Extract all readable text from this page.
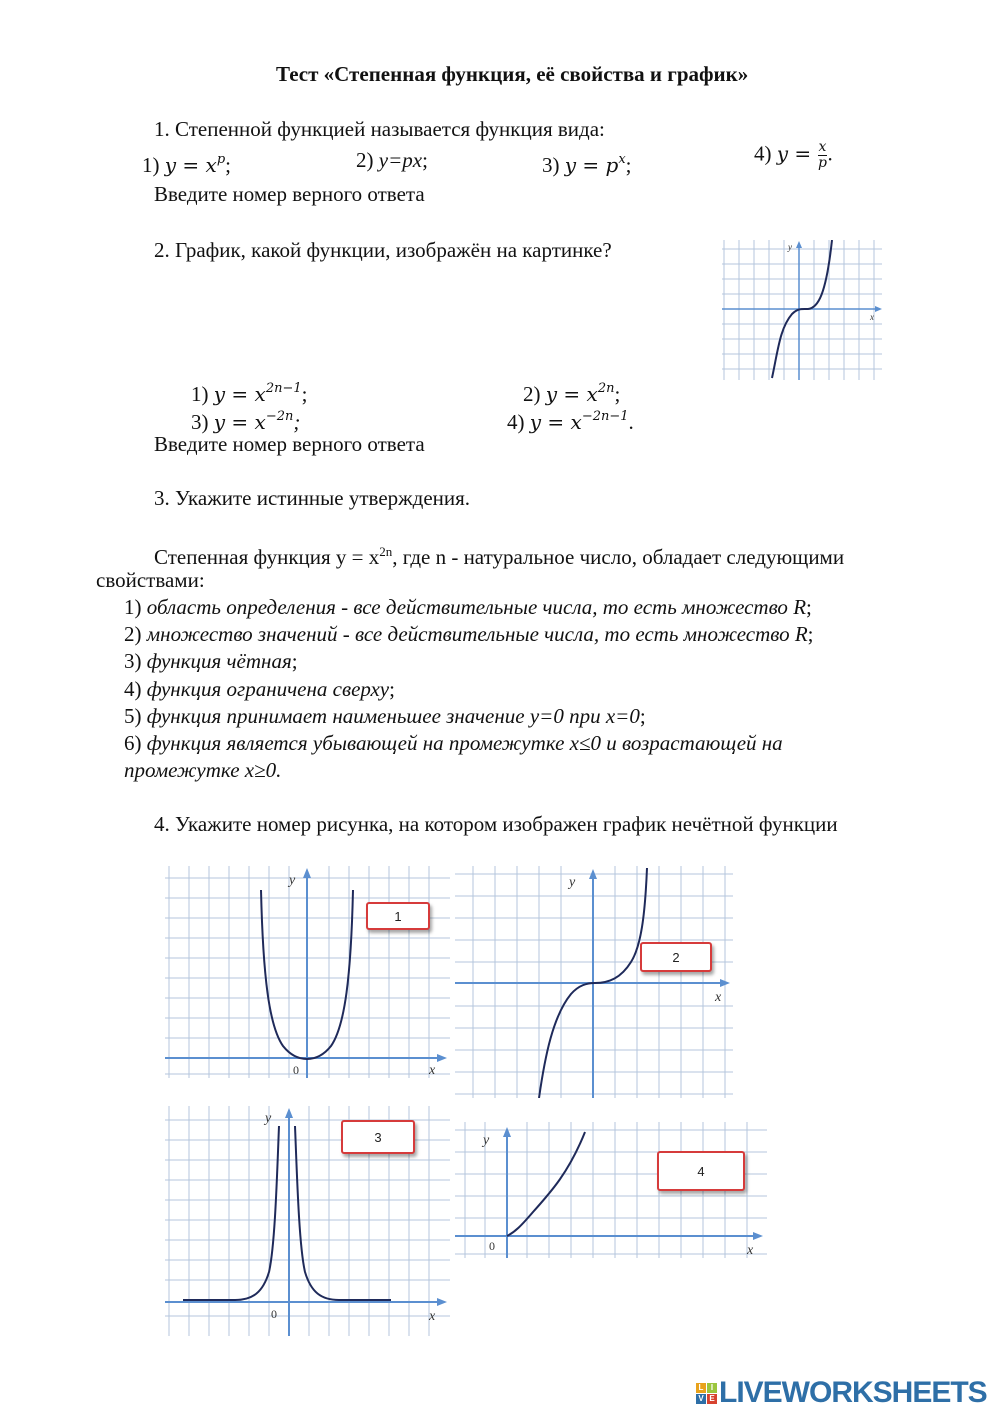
Тест «Степенная функция, её свойства и график»
1. Степенной функцией называется функция вида:
1) $y = x^p$;	2) y=px;	3) $y = p^x$;	4) $y = \frac{x}{p}$ .
Введите номер верного ответа
2. График, какой функции, изображён на картинке?
x
y
1) $y = x^{2n-1}$;	2) $y = x^{2n}$;
3) $y = x^{-2n}$;	4) $y = x^{-2n-1}$.
Введите номер верного ответа
3. Укажите истинные утверждения.
Степенная функция $y = x^{2n}$, где n - натуральное число, обладает следующими
свойствами:
1) область определения - все действительные числа, то есть множество R;
2) множество значений - все действительные числа, то есть множество R;
3) функция чётная;
4) функция ограничена сверху;
5) функция принимает наименьшее значение y=0 при x=0;
6) функция является убывающей на промежутке x≤0 и возрастающей на
промежутке x≥0.
4. Укажите номер рисунка, на котором изображен график нечётной функции
x
y
0
1
x
y
2
x
y
0
3
x
y
0
4
L I
V E LIVEWORKSHEETS
